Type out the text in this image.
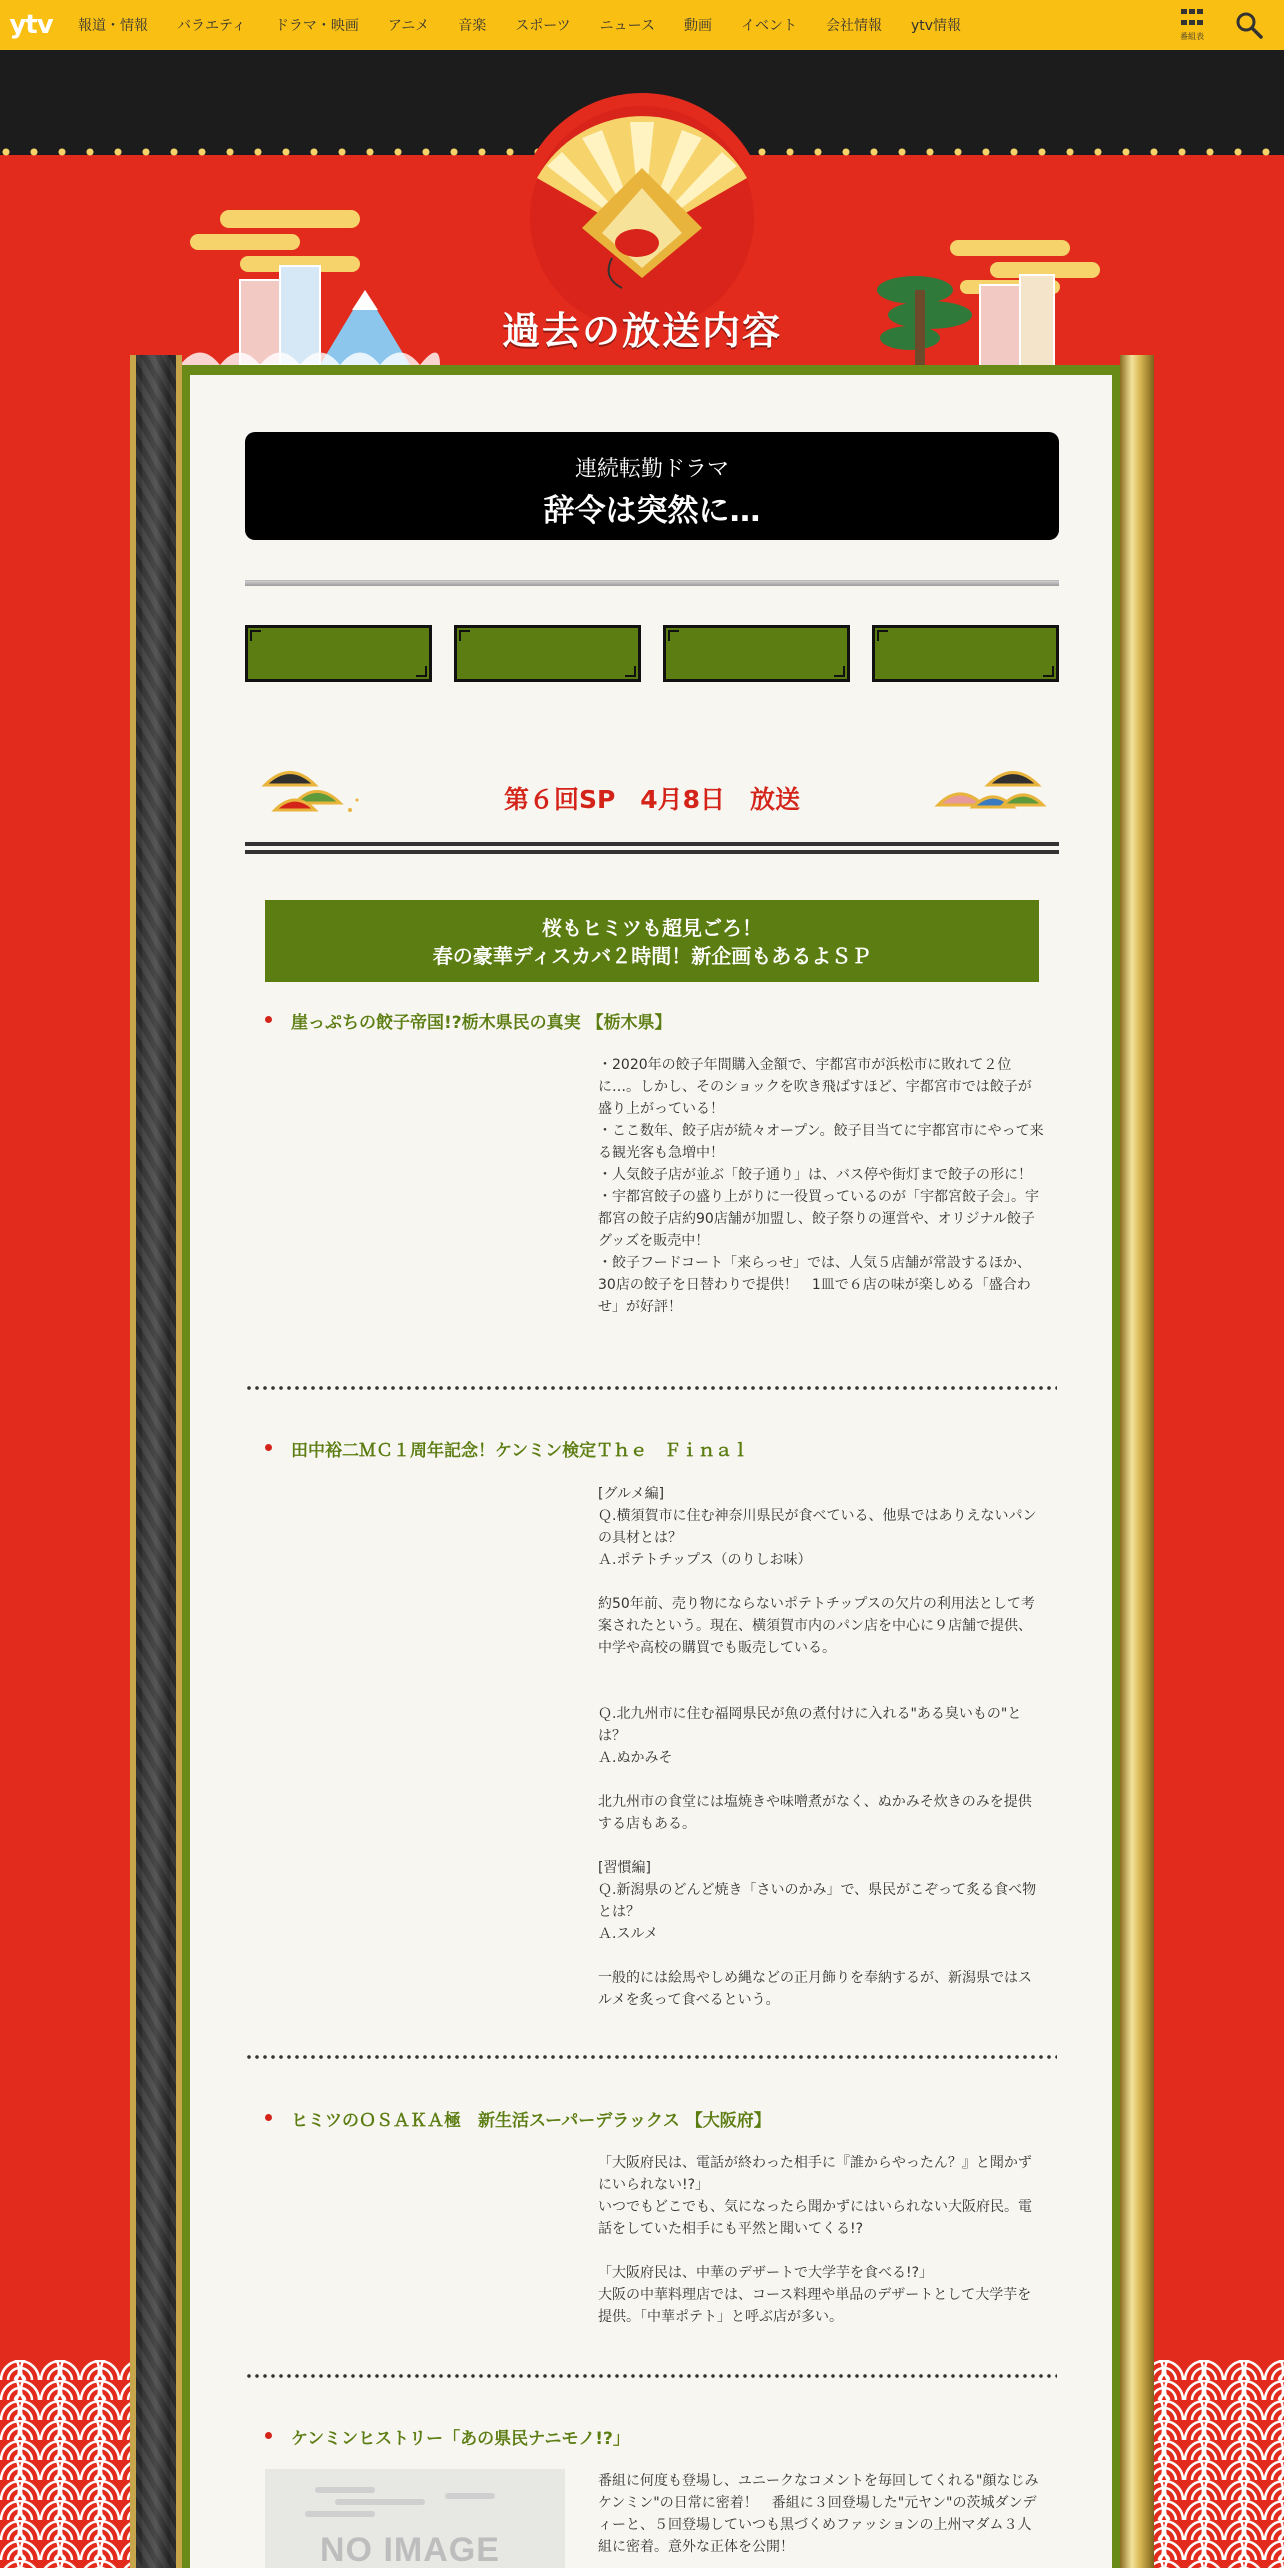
ytv	報道・情報 バラエティ ドラマ・映画 アニメ 音楽 スポーツ ニュース 動画 イベント 会社情報 ytv情報
番組表
過去の放送内容
連続転勤ドラマ
辞令は突然に…
第６回SP　4月8日　放送
桜もヒミツも超見ごろ！
春の豪華ディスカバ２時間！新企画もあるよＳＰ
崖っぷちの餃子帝国!?栃木県民の真実 【栃木県】
・2020年の餃子年間購入金額で、宇都宮市が浜松市に敗れて２位に…。しかし、そのショックを吹き飛ばすほど、宇都宮市では餃子が盛り上がっている！
・ここ数年、餃子店が続々オープン。餃子目当てに宇都宮市にやって来る観光客も急増中！
・人気餃子店が並ぶ「餃子通り」は、バス停や街灯まで餃子の形に！
・宇都宮餃子の盛り上がりに一役買っているのが「宇都宮餃子会」。宇都宮の餃子店約90店舗が加盟し、餃子祭りの運営や、オリジナル餃子グッズを販売中！
・餃子フードコート「来らっせ」では、人気５店舗が常設するほか、30店の餃子を日替わりで提供！　1皿で６店の味が楽しめる「盛合わせ」が好評！
田中裕二ＭＣ１周年記念！ケンミン検定Ｔｈｅ　Ｆｉｎａｌ
[グルメ編]
Ｑ.横須賀市に住む神奈川県民が食べている、他県ではありえないパンの具材とは？
Ａ.ポテトチップス（のりしお味）

約50年前、売り物にならないポテトチップスの欠片の利用法として考案されたという。現在、横須賀市内のパン店を中心に９店舗で提供、中学や高校の購買でも販売している。

Ｑ.北九州市に住む福岡県民が魚の煮付けに入れる"ある臭いもの"とは？
Ａ.ぬかみそ

北九州市の食堂には塩焼きや味噌煮がなく、ぬかみそ炊きのみを提供する店もある。

[習慣編]
Ｑ.新潟県のどんど焼き「さいのかみ」で、県民がこぞって炙る食べ物とは？
Ａ.スルメ

一般的には絵馬やしめ縄などの正月飾りを奉納するが、新潟県ではスルメを炙って食べるという。
ヒミツのＯＳＡＫＡ極　新生活スーパーデラックス 【大阪府】
「大阪府民は、電話が終わった相手に『誰からやったん？』と聞かずにいられない!?」
いつでもどこでも、気になったら聞かずにはいられない大阪府民。電話をしていた相手にも平然と聞いてくる!?

「大阪府民は、中華のデザートで大学芋を食べる!?」
大阪の中華料理店では、コース料理や単品のデザートとして大学芋を提供。「中華ポテト」と呼ぶ店が多い。
ケンミンヒストリー「あの県民ナニモノ!?」
番組に何度も登場し、ユニークなコメントを毎回してくれる"顔なじみケンミン"の日常に密着！　番組に３回登場した"元ヤン"の茨城ダンディーと、５回登場していつも黒づくめファッションの上州マダム３人組に密着。意外な正体を公開！
NO IMAGE
